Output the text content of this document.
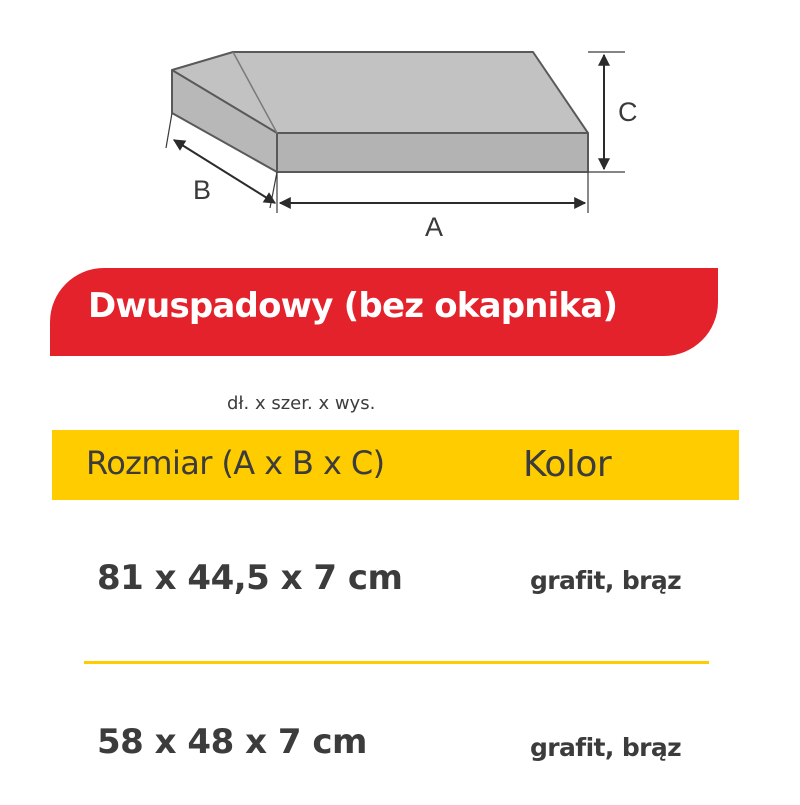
C
B
A
Dwuspadowy (bez okapnika)
dł. x szer. x wys.
Rozmiar (A x B x C)	Kolor
81 x 44,5 x 7 cm	grafit, brąz
58 x 48 x 7 cm	grafit, brąz
